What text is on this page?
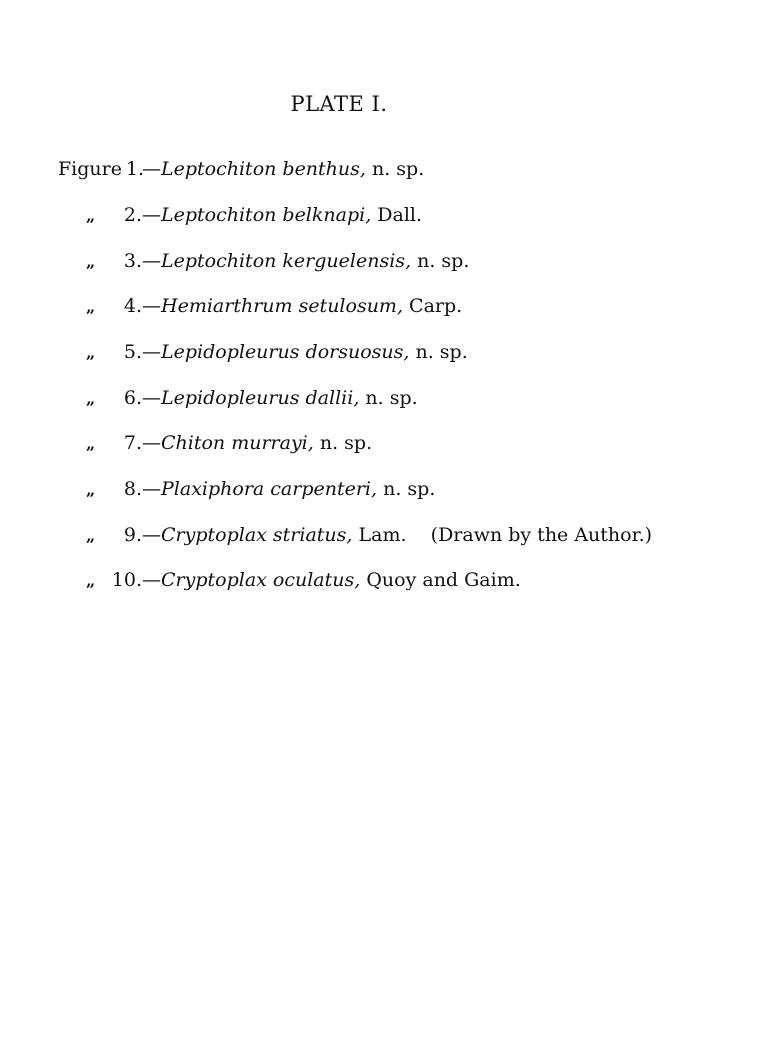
PLATE I.
Figure 1.
—Leptochiton benthus, n. sp.
„	2. —Leptochiton belknapi, Dall.
„	3. —Leptochiton kerguelensis, n. sp.
„	4. —Hemiarthrum setulosum, Carp.
„	5. —Lepidopleurus dorsuosus, n. sp.
„	6. —Lepidopleurus dallii, n. sp.
„	7. —Chiton murrayi, n. sp.
„	8. —Plaxiphora carpenteri, n. sp.
„	9. —Cryptoplax striatus, Lam.    (Drawn by the Author.)
„ 10. —Cryptoplax oculatus, Quoy and Gaim.
